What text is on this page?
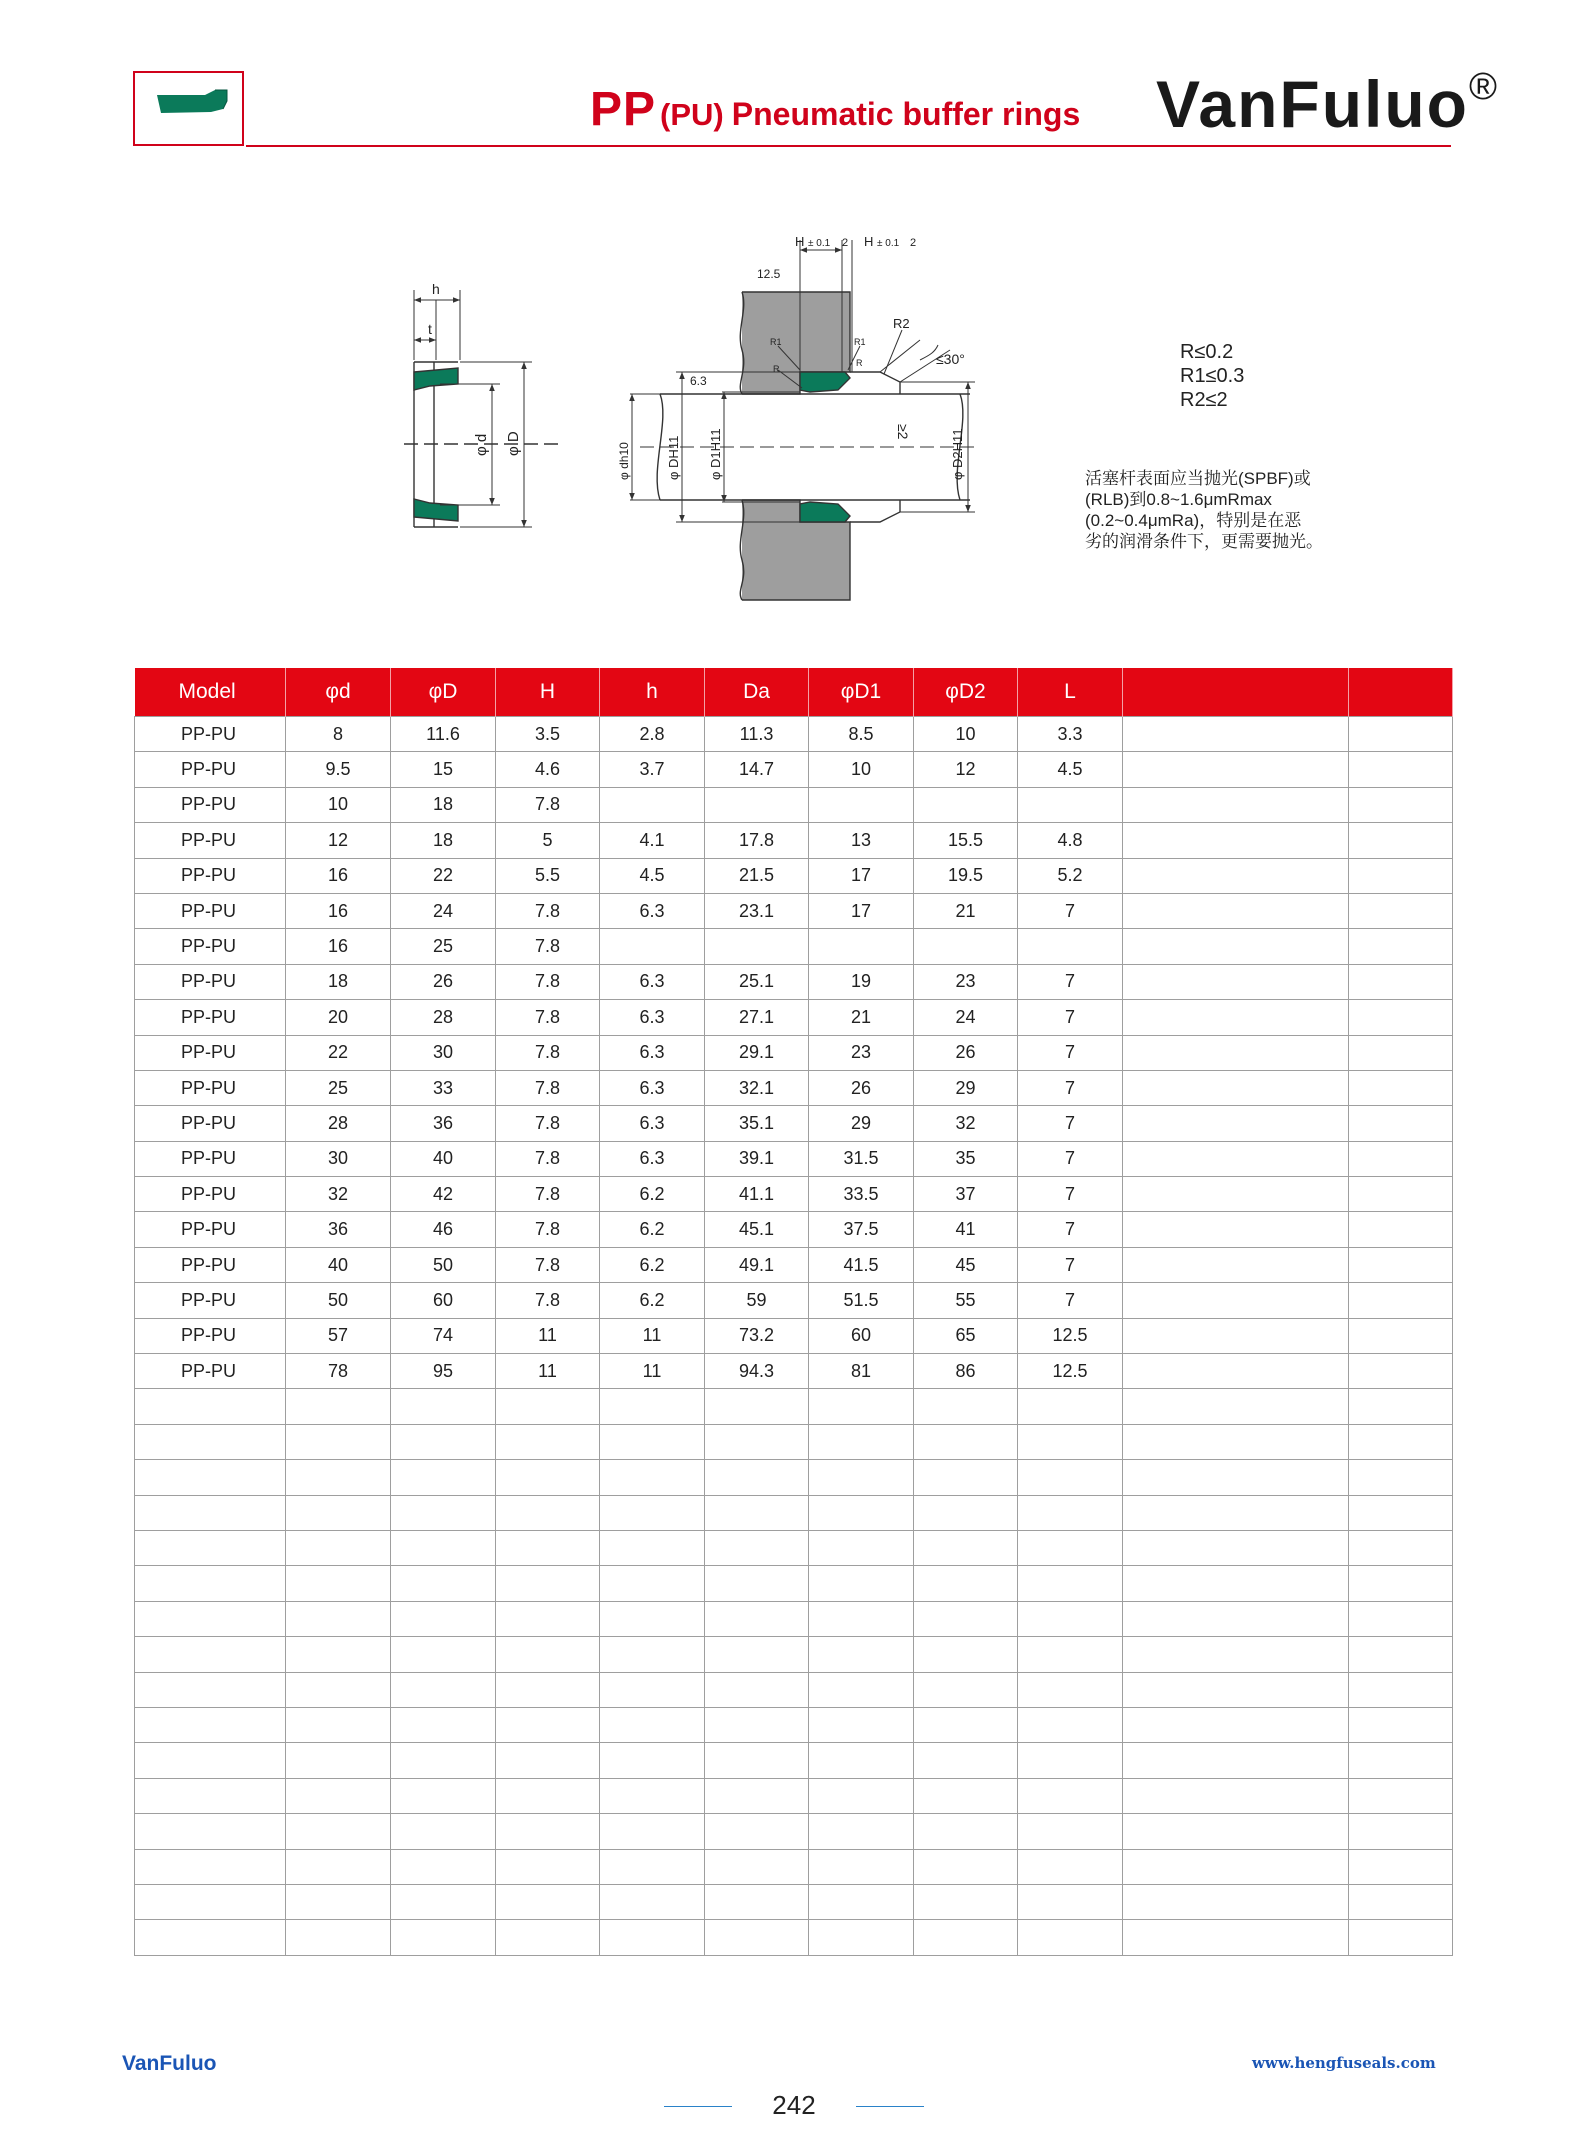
PP (PU) Pneumatic buffer rings VanFuluo®
h
t
φ d φ D
H ± 0.1 2 H ± 0.1 2
12.5
6.3
R2
R1	R1
R
R	≤30°
≥2
φ dh10	φ DH11 φ D1H11	φ D2H11
R≤0.2
R1≤0.3
R2≤2
活塞杆表面应当抛光(SPBF)或
(RLB)到0.8~1.6μmRmax
(0.2~0.4μmRa)，特别是在恶
劣的润滑条件下，更需要抛光。
Model	φd	φD	H	h	Da	φD1	φD2	L		
PP-PU	8	11.6	3.5	2.8	11.3	8.5	10	3.3		
PP-PU	9.5	15	4.6	3.7	14.7	10	12	4.5		
PP-PU	10	18	7.8							
PP-PU	12	18	5	4.1	17.8	13	15.5	4.8		
PP-PU	16	22	5.5	4.5	21.5	17	19.5	5.2		
PP-PU	16	24	7.8	6.3	23.1	17	21	7		
PP-PU	16	25	7.8							
PP-PU	18	26	7.8	6.3	25.1	19	23	7		
PP-PU	20	28	7.8	6.3	27.1	21	24	7		
PP-PU	22	30	7.8	6.3	29.1	23	26	7		
PP-PU	25	33	7.8	6.3	32.1	26	29	7		
PP-PU	28	36	7.8	6.3	35.1	29	32	7		
PP-PU	30	40	7.8	6.3	39.1	31.5	35	7		
PP-PU	32	42	7.8	6.2	41.1	33.5	37	7		
PP-PU	36	46	7.8	6.2	45.1	37.5	41	7		
PP-PU	40	50	7.8	6.2	49.1	41.5	45	7		
PP-PU	50	60	7.8	6.2	59	51.5	55	7		
PP-PU	57	74	11	11	73.2	60	65	12.5		
PP-PU	78	95	11	11	94.3	81	86	12.5		

VanFuluo	www.hengfuseals.com
242
